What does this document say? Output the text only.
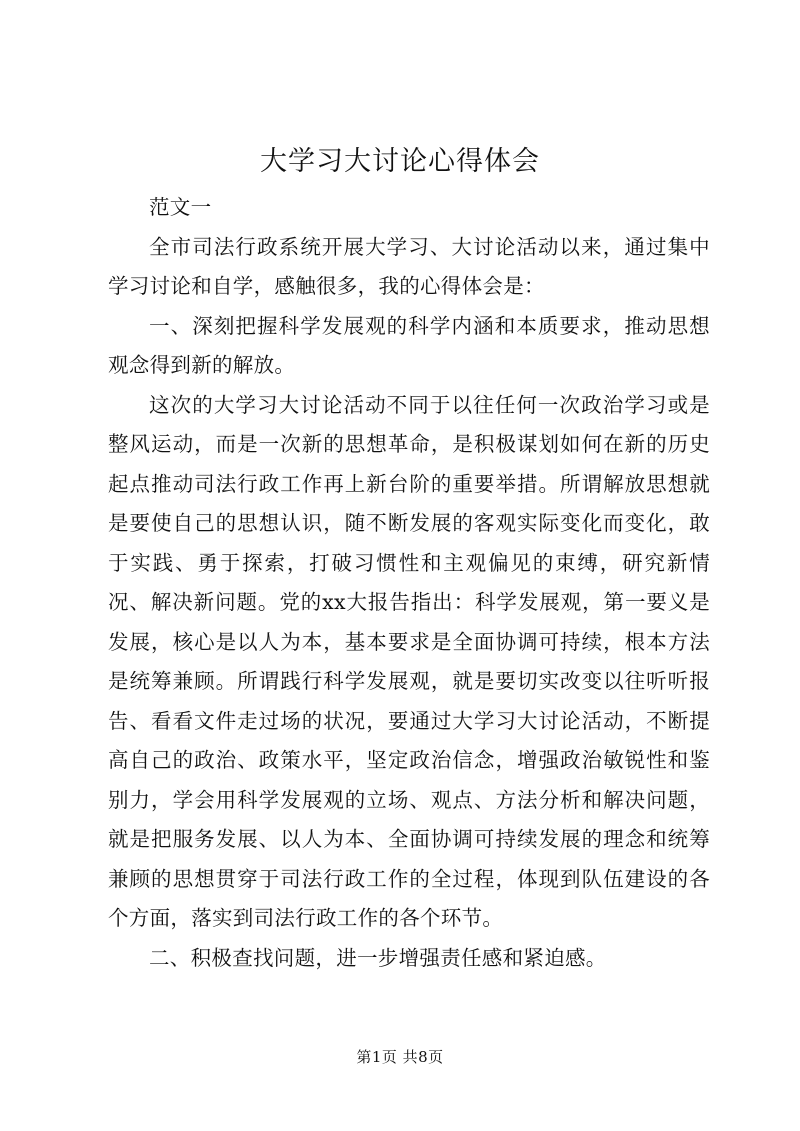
大学习大讨论心得体会

范文一

全市司法行政系统开展大学习、大讨论活动以来，通过集中学习讨论和自学，感触很多，我的心得体会是：

一、深刻把握科学发展观的科学内涵和本质要求，推动思想观念得到新的解放。

这次的大学习大讨论活动不同于以往任何一次政治学习或是整风运动，而是一次新的思想革命，是积极谋划如何在新的历史起点推动司法行政工作再上新台阶的重要举措。所谓解放思想就是要使自己的思想认识，随不断发展的客观实际变化而变化，敢于实践、勇于探索，打破习惯性和主观偏见的束缚，研究新情况、解决新问题。党的xx大报告指出：科学发展观，第一要义是发展，核心是以人为本，基本要求是全面协调可持续，根本方法是统筹兼顾。所谓践行科学发展观，就是要切实改变以往听听报告、看看文件走过场的状况，要通过大学习大讨论活动，不断提高自己的政治、政策水平，坚定政治信念，增强政治敏锐性和鉴别力，学会用科学发展观的立场、观点、方法分析和解决问题，就是把服务发展、以人为本、全面协调可持续发展的理念和统筹兼顾的思想贯穿于司法行政工作的全过程，体现到队伍建设的各个方面，落实到司法行政工作的各个环节。

二、积极查找问题，进一步增强责任感和紧迫感。

第1页 共8页
